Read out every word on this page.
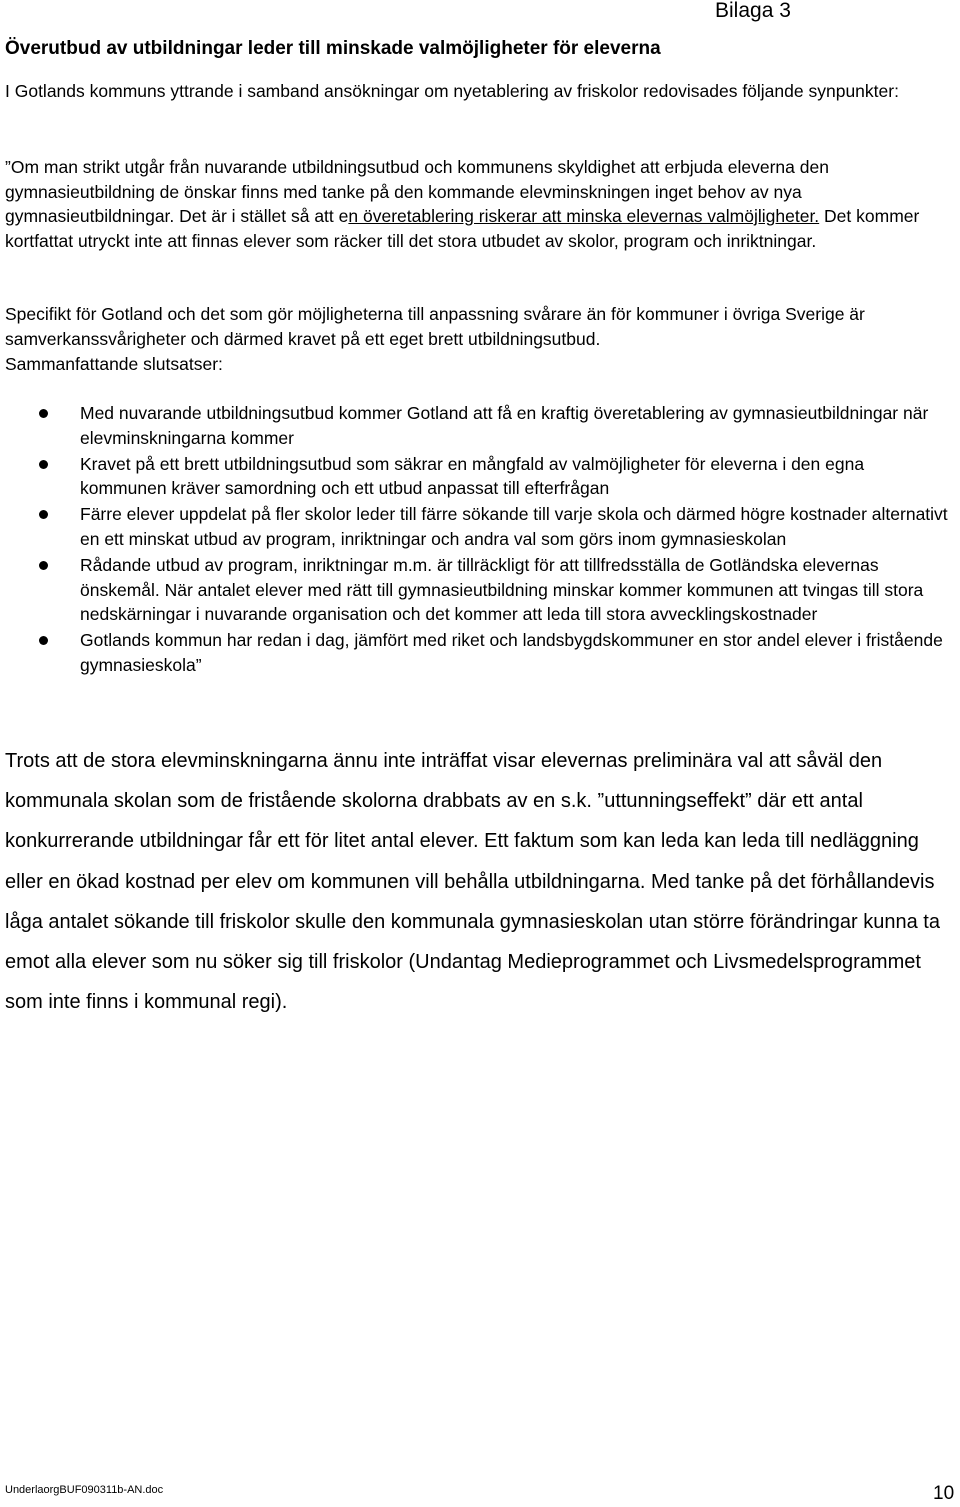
Bilaga 3

Överutbud av utbildningar leder till minskade valmöjligheter för eleverna

I Gotlands kommuns yttrande i samband ansökningar om nyetablering av friskolor redovisades följande synpunkter:

”Om man strikt utgår från nuvarande utbildningsutbud och kommunens skyldighet att erbjuda eleverna den gymnasieutbildning de önskar finns med tanke på den kommande elevminskningen inget behov av nya gymnasieutbildningar. Det är i stället så att en överetablering riskerar att minska elevernas valmöjligheter. Det kommer kortfattat utryckt inte att finnas elever som räcker till det stora utbudet av skolor, program och inriktningar.

Specifikt för Gotland och det som gör möjligheterna till anpassning svårare än för kommuner i övriga Sverige är samverkanssvårigheter och därmed kravet på ett eget brett utbildningsutbud.

Sammanfattande slutsatser:

Med nuvarande utbildningsutbud kommer Gotland att få en kraftig överetablering av gymnasieutbildningar när elevminskningarna kommer
Kravet på ett brett utbildningsutbud som säkrar en mångfald av valmöjligheter för eleverna i den egna kommunen kräver samordning och ett utbud anpassat till efterfrågan
Färre elever uppdelat på fler skolor leder till färre sökande till varje skola och därmed högre kostnader alternativt en ett minskat utbud av program, inriktningar och andra val som görs inom gymnasieskolan
Rådande utbud av program, inriktningar m.m. är tillräckligt för att tillfredsställa de Gotländska elevernas önskemål. När antalet elever med rätt till gymnasieutbildning minskar kommer kommunen att tvingas till stora nedskärningar i nuvarande organisation och det kommer att leda till stora avvecklingskostnader
Gotlands kommun har redan i dag, jämfört med riket och landsbygdskommuner en stor andel elever i fristående gymnasieskola”

Trots att de stora elevminskningarna ännu inte inträffat visar elevernas preliminära val att såväl den kommunala skolan som de fristående skolorna drabbats av en s.k. ”uttunningseffekt” där ett antal konkurrerande utbildningar får ett för litet antal elever. Ett faktum som kan leda kan leda till nedläggning eller en ökad kostnad per elev om kommunen vill behålla utbildningarna. Med tanke på det förhållandevis låga antalet sökande till friskolor skulle den kommunala gymnasieskolan utan större förändringar kunna ta emot alla elever som nu söker sig till friskolor (Undantag Medieprogrammet och Livsmedelsprogrammet som inte finns i kommunal regi).

UnderlaorgBUF090311b-AN.doc	10
